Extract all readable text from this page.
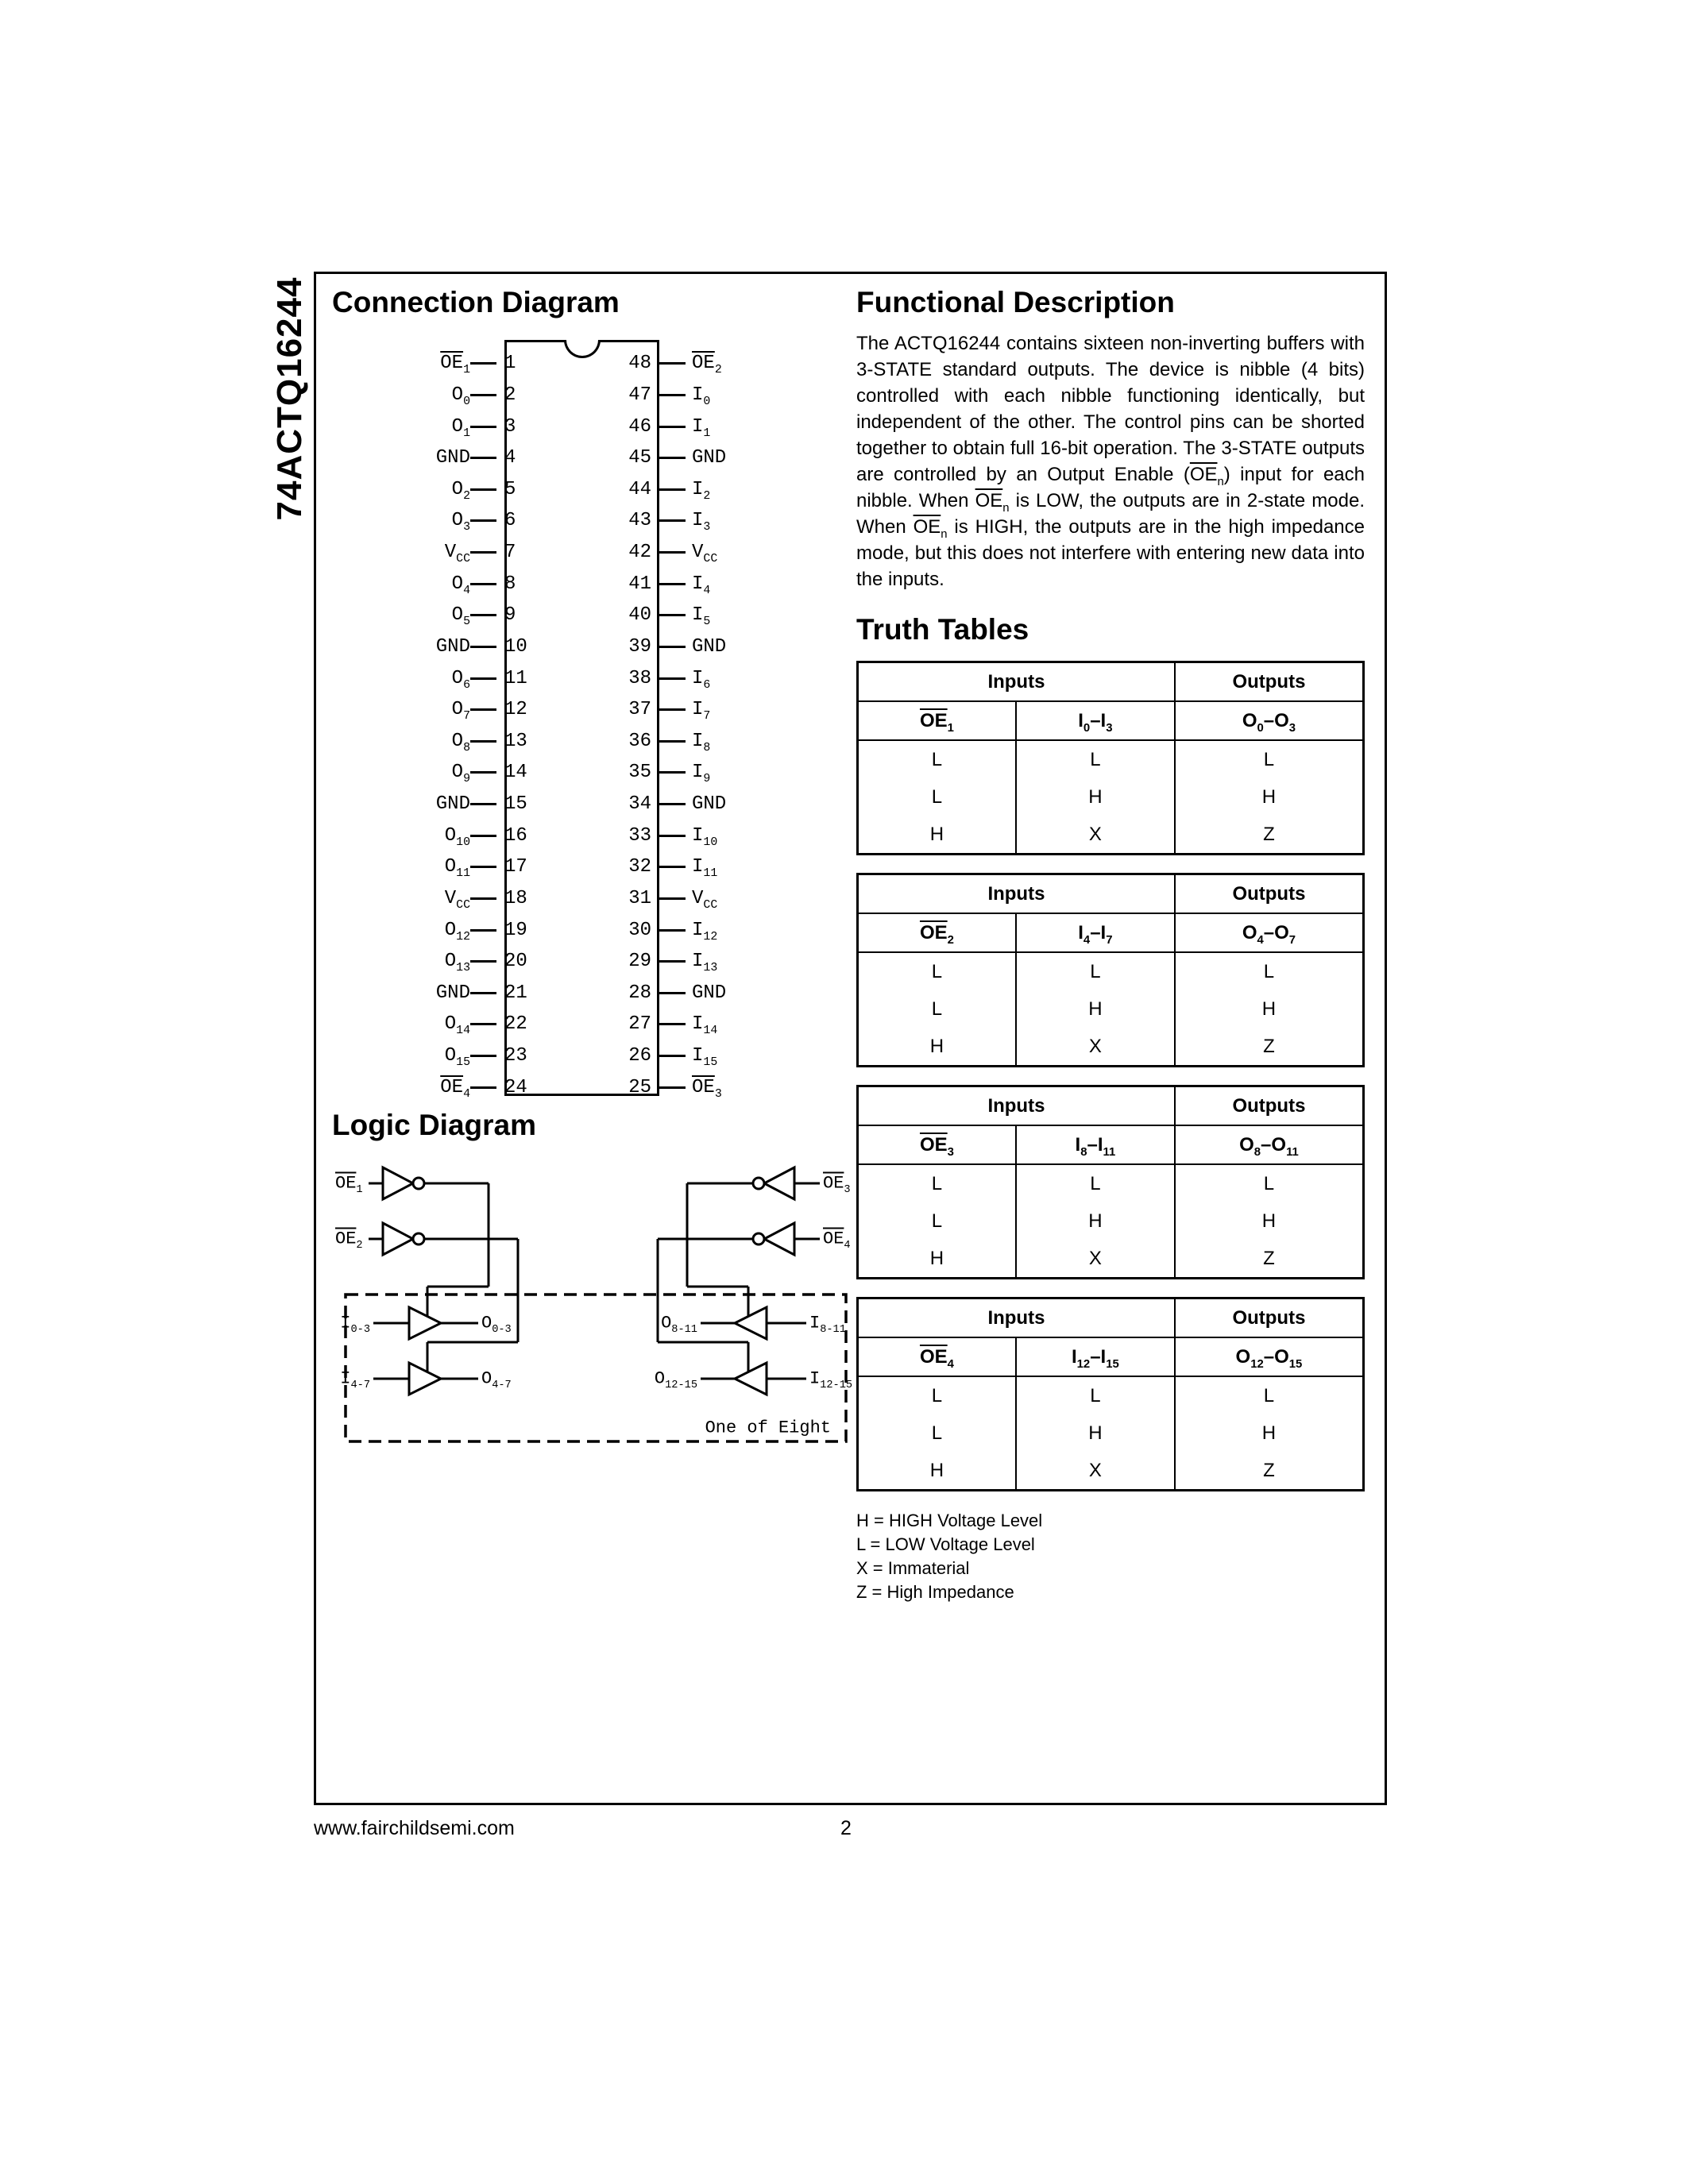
74ACTQ16244 Connection Diagram
$\overline{OE}_1$	1
$O_0$	2
$O_1$	3
GND	4
$O_2$	5
$O_3$	6
$V_{CC}$	7
$O_4$	8
$O_5$	9
GND	10
$O_6$	11
$O_7$	12
$O_8$	13
$O_9$	14
GND	15
$O_{10}$	16
$O_{11}$	17
$V_{CC}$	18
$O_{12}$	19
$O_{13}$	20
GND	21
$O_{14}$	22
$O_{15}$	23
$\overline{OE}_4$	24
48	$\overline{OE}_2$
47	$I_0$
46	$I_1$
45	GND
44	$I_2$
43	$I_3$
42	$V_{CC}$
41	$I_4$
40	$I_5$
39	GND
38	$I_6$
37	$I_7$
36	$I_8$
35	$I_9$
34	GND
33	$I_{10}$
32	$I_{11}$
31	$V_{CC}$
30	$I_{12}$
29	$I_{13}$
28	GND
27	$I_{14}$
26	$I_{15}$
25	$\overline{OE}_3$
Logic Diagram
$\overline{OE}_1$
$\overline{OE}_2$
$\overline{OE}_3$
$\overline{OE}_4$
$I_{0-3}$	$O_{0-3}$
$I_{4-7}$	$O_{4-7}$
$O_{8-11}$	$I_{8-11}$
$O_{12-15}$	$I_{12-15}$
One of Eight
Functional Description

The ACTQ16244 contains sixteen non-inverting buffers with 3-STATE standard outputs. The device is nibble (4 bits) controlled with each nibble functioning identically, but independent of the other. The control pins can be shorted together to obtain full 16-bit operation. The 3-STATE outputs are controlled by an Output Enable $(\overline{OE}_n)$ input for each nibble. When $\overline{OE}_n$ is LOW, the outputs are in 2-state mode. When $\overline{OE}_n$ is HIGH, the outputs are in the high impedance mode, but this does not interfere with entering new data into the inputs.

Truth Tables
Inputs		Outputs
$\overline{OE}_1$	$I_0-I_3$	$O_0-O_3$
L	L	L
L	H	H
H	X	Z
Inputs		Outputs
$\overline{OE}_2$	$I_4-I_7$	$O_4-O_7$
L	L	L
L	H	H
H	X	Z
Inputs		Outputs
$\overline{OE}_3$	$I_8-I_{11}$	$O_8-O_{11}$
L	L	L
L	H	H
H	X	Z
Inputs		Outputs
$\overline{OE}_4$	$I_{12}-I_{15}$	$O_{12}-O_{15}$
L	L	L
L	H	H
H	X	Z
H = HIGH Voltage Level
L = LOW Voltage Level
X = Immaterial
Z = High Impedance
www.fairchildsemi.com	2
